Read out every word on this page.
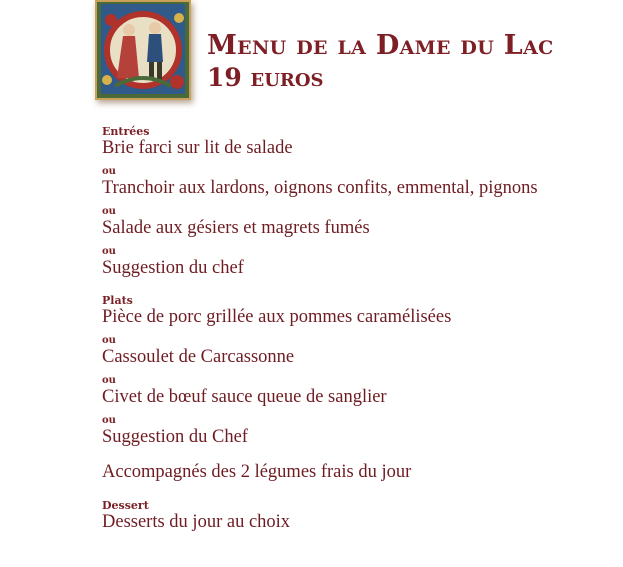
Menu de la Dame du Lac
19 euros
Entrées
Brie farci sur lit de salade
ou
Tranchoir aux lardons, oignons confits, emmental, pignons
ou
Salade aux gésiers et magrets fumés
ou
Suggestion du chef
Plats
Pièce de porc grillée aux pommes caramélisées
ou
Cassoulet de Carcassonne
ou
Civet de bœuf sauce queue de sanglier
ou
Suggestion du Chef
Accompagnés des 2 légumes frais du jour
Dessert
Desserts du jour au choix
